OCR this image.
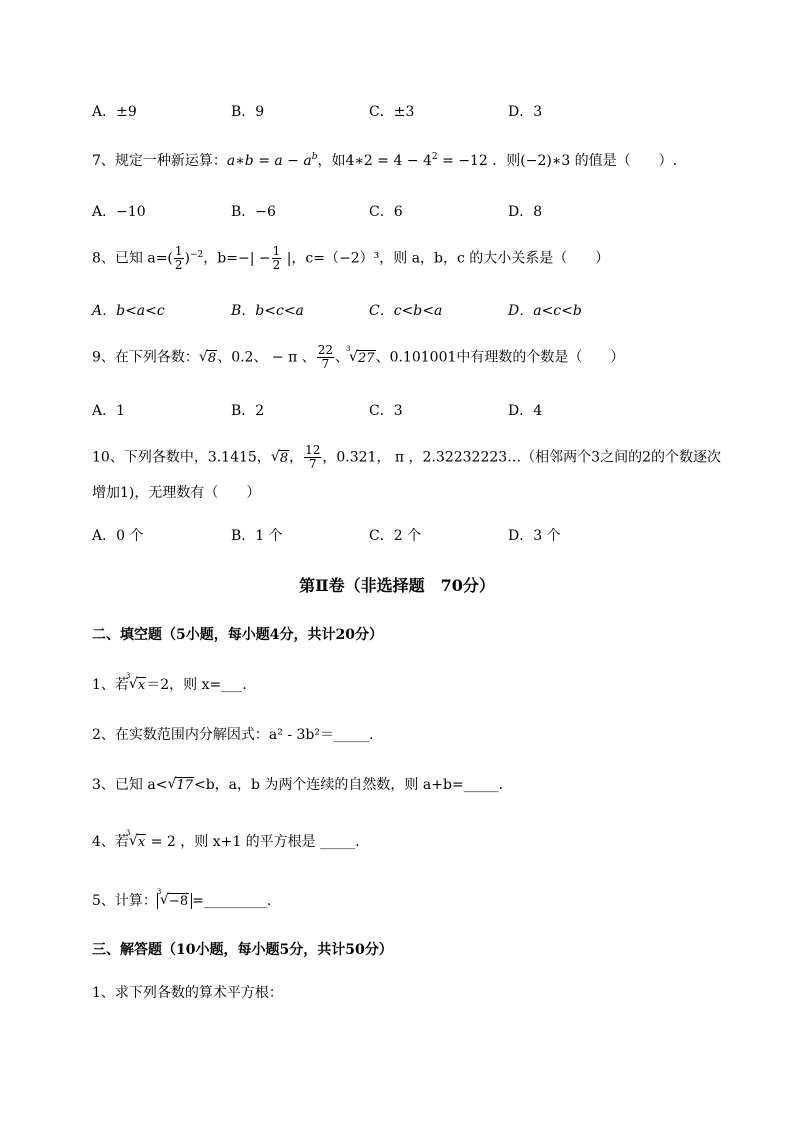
A．±9	B．9	C．±3	D．3
7、规定一种新运算：a∗b = $a - a^b$，如4∗2 = $4 - 4^2 = -12$ ．则(−2)∗3 的值是（　　）.
A．−10	B．−6	C．6	D．8
8、已知 $a=( \frac{1}{2} )^{-2}$，$b=-| - \frac{1}{2}$ |，c=（−2）³，则 a，b，c 的大小关系是（　　）
A．b<a<c	B．b<c<a	C．c<b<a	D．a<c<b
9、在下列各数： √ 8、0.2、 − π 、 $\frac{22}{7}$ 、
3
√ 27、0.101001中有理数的个数是（　　）
A．1	B．2	C．3	D．4
10、下列各数中，3.1415， √ 8， $\frac{12}{7}$ ，0.321， π ，2.32232223…（相邻两个3之间的2的个数逐次
增加1)，无理数有（　　）
A．0 个	B．1 个	C．2 个	D．3 个
第Ⅱ卷（非选择题　70分）
二、填空题（5小题，每小题4分，共计20分）
1、若
3
√ x＝2，则 x=___.
2、在实数范围内分解因式：a² - 3b²＝_____.
3、已知 a< √ 17<b，a，b 为两个连续的自然数，则 a+b=_____.
4、若
3
√ x = 2 ，则 x+1 的平方根是 _____.
5、计算：
3
√ −8 =_________.
三、解答题（10小题，每小题5分，共计50分）
1、求下列各数的算术平方根：
